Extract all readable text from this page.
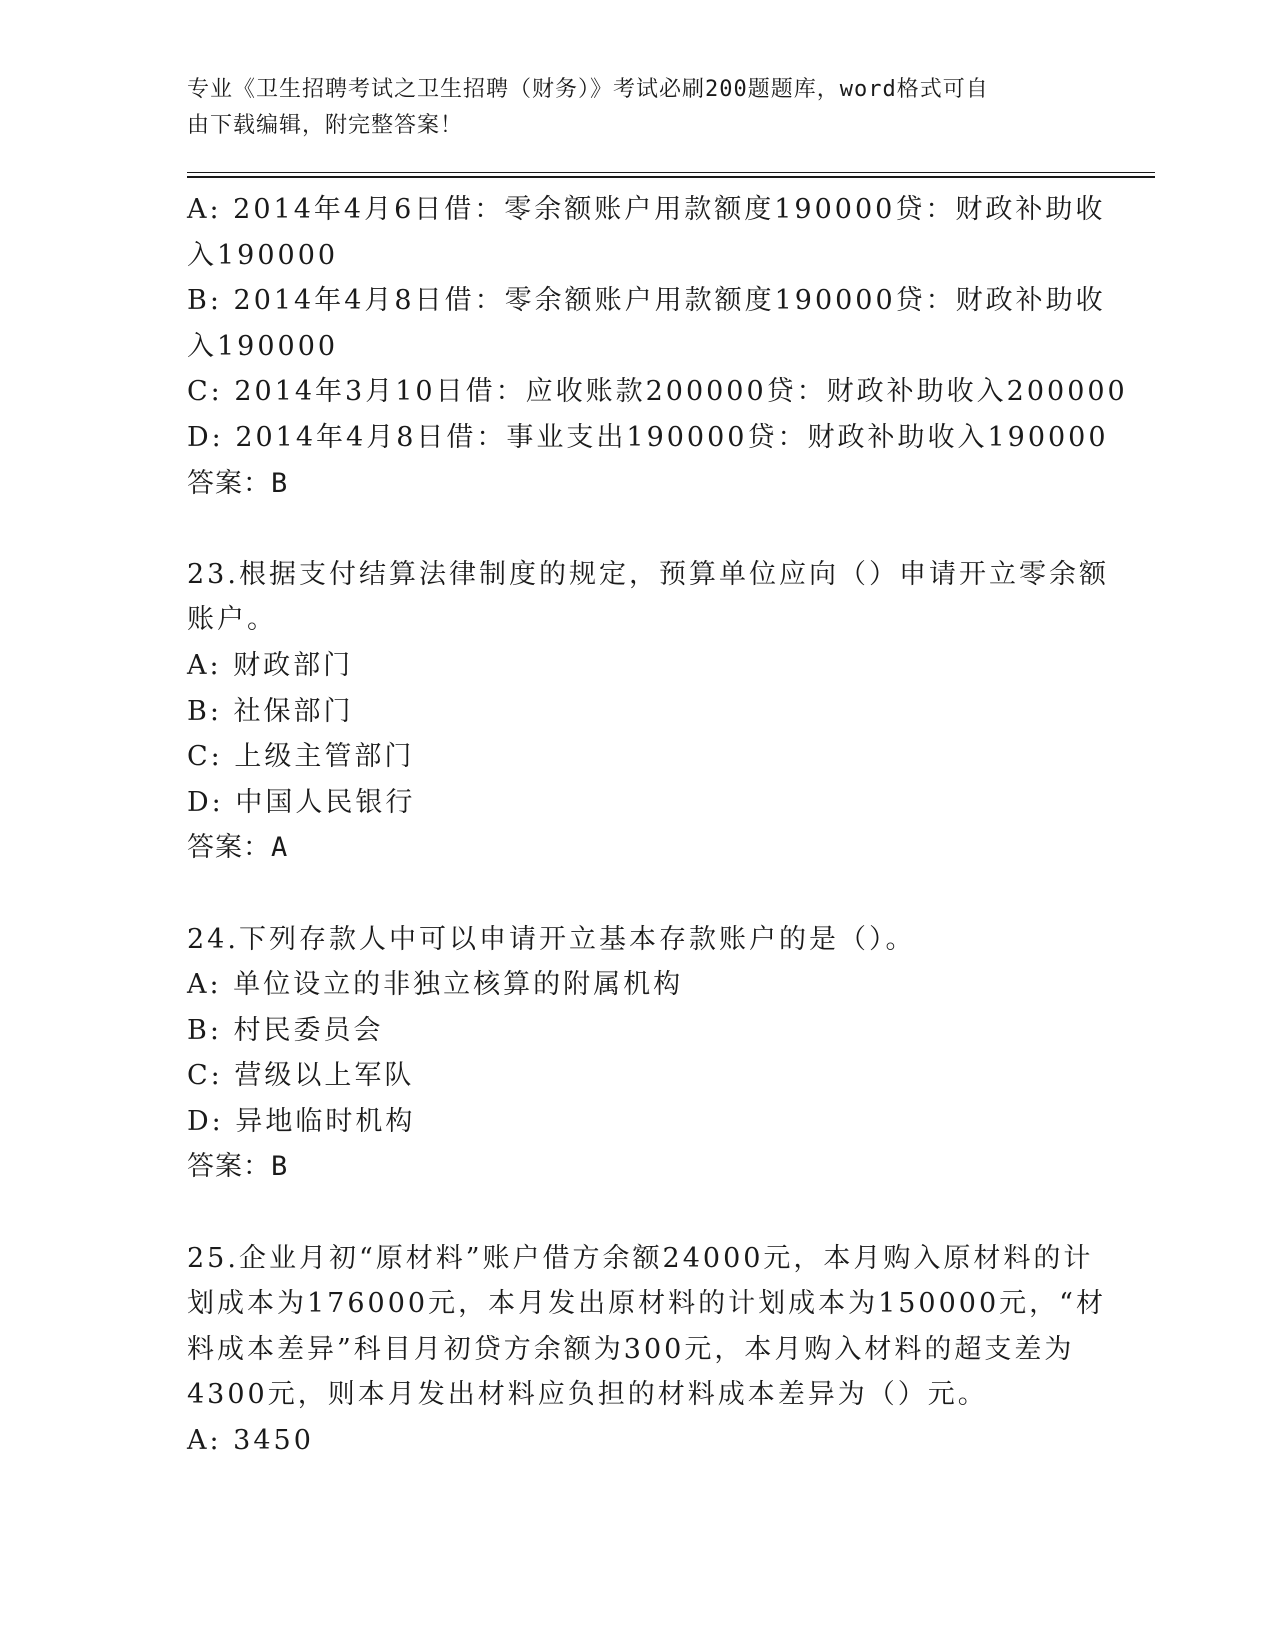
专业《卫生招聘考试之卫生招聘（财务）》考试必刷200题题库，word格式可自
由下载编辑，附完整答案！
A: 2014年4月6日借：零余额账户用款额度190000贷：财政补助收
入190000
B: 2014年4月8日借：零余额账户用款额度190000贷：财政补助收
入190000
C: 2014年3月10日借：应收账款200000贷：财政补助收入200000
D: 2014年4月8日借：事业支出190000贷：财政补助收入190000
答案：B
23.根据支付结算法律制度的规定，预算单位应向（）申请开立零余额
账户。
A: 财政部门
B: 社保部门
C: 上级主管部门
D: 中国人民银行
答案：A
24.下列存款人中可以申请开立基本存款账户的是（）。
A: 单位设立的非独立核算的附属机构
B: 村民委员会
C: 营级以上军队
D: 异地临时机构
答案：B
25.企业月初“原材料”账户借方余额24000元，本月购入原材料的计
划成本为176000元，本月发出原材料的计划成本为150000元，“材
料成本差异”科目月初贷方余额为300元，本月购入材料的超支差为
4300元，则本月发出材料应负担的材料成本差异为（）元。
A: 3450
